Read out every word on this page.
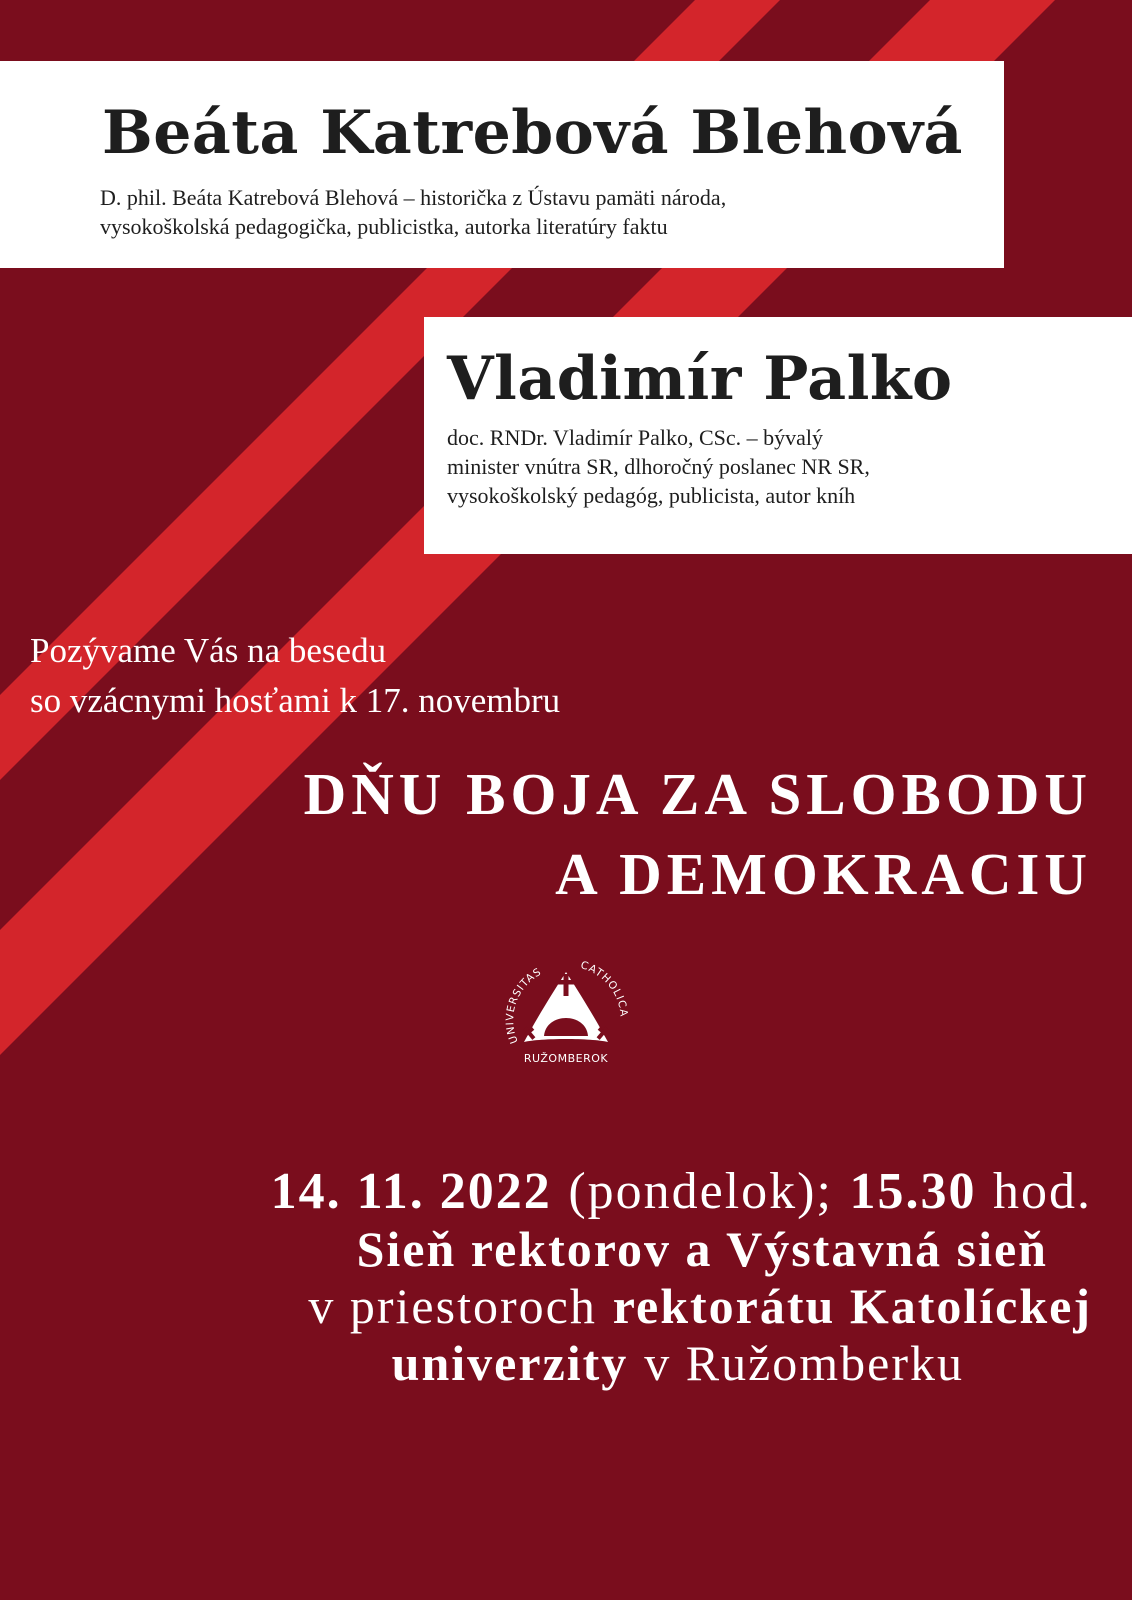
Beáta Katrebová Blehová
D. phil. Beáta Katrebová Blehová – historička z Ústavu pamäti národa,
vysokoškolská pedagogička, publicistka, autorka literatúry faktu
Vladimír Palko
doc. RNDr. Vladimír Palko, CSc. – bývalý
minister vnútra SR, dlhoročný poslanec NR SR,
vysokoškolský pedagóg, publicista, autor kníh
Pozývame Vás na besedu
so vzácnymi hosťami k 17. novembru
DŇU BOJA ZA SLOBODU
A DEMOKRACIU
UNIVERSITAS	CATHOLICA
RUŽOMBEROK
14. 11. 2022 (pondelok); 15.30 hod.
Sieň rektorov a Výstavná sieň
v priestoroch rektorátu Katolíckej
univerzity v Ružomberku
